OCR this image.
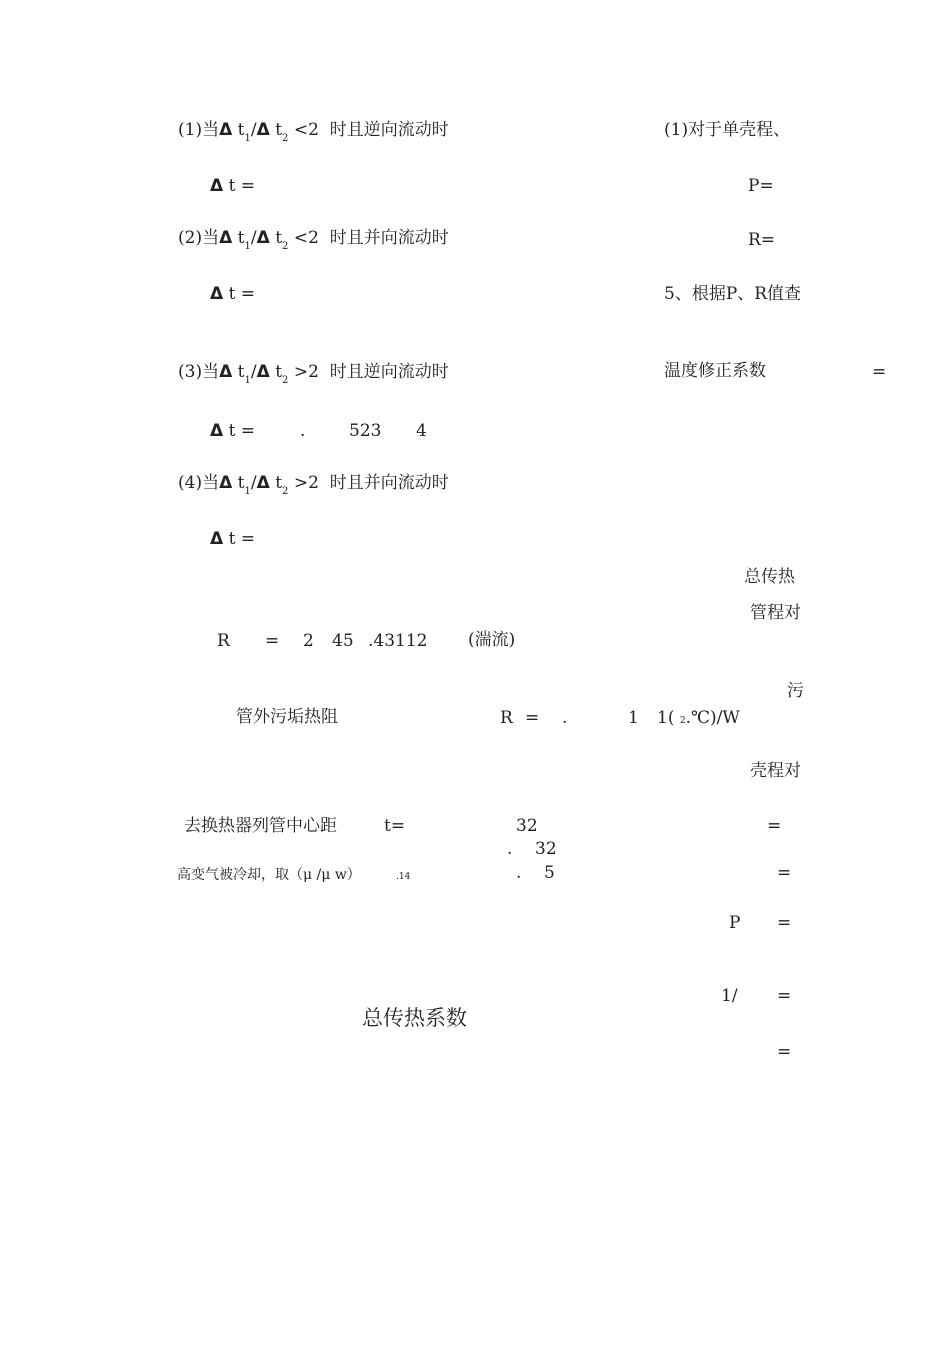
(1)当Δ $t_1/\Delta$ $t_2 <2$  时且逆向流动时
Δ t =
(2)当Δ $t_1/\Delta$ $t_2 <2$  时且并向流动时
Δ t =
(3)当Δ $t_1/\Delta$ $t_2 >2$  时且逆向流动时
Δ t =	.	523 4
(4)当Δ $t_1/\Delta$ $t_2 >2$  时且并向流动时
Δ t =
R = 2 45 .43112 (湍流)
管外污垢热阻	R = .	1 1( 2.℃)/W
去换热器列管中心距	t=	32
. 32
高变气被冷却，取（μ /μ w）	.14	. 5
总传热系数
(1)对于单壳程、
P=
R=
5、根据P、R值查
温度修正系数	=
总传热
管程对
污
壳程对
=
=
P =
1/ =
=
